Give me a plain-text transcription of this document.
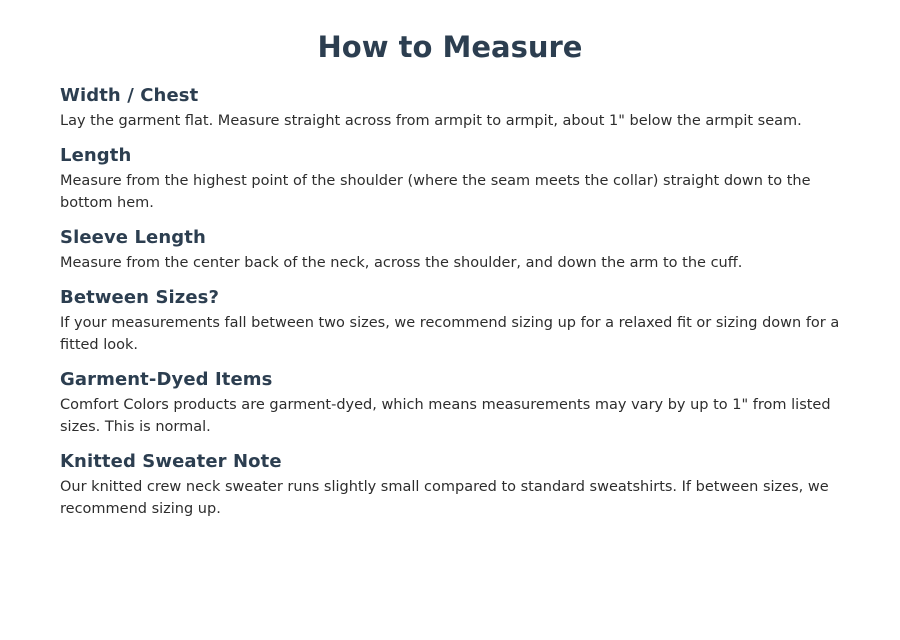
How to Measure
Width / Chest

Lay the garment flat. Measure straight across from armpit to armpit, about 1" below the armpit seam.

Length

Measure from the highest point of the shoulder (where the seam meets the collar) straight down to the bottom hem.

Sleeve Length

Measure from the center back of the neck, across the shoulder, and down the arm to the cuff.

Between Sizes?

If your measurements fall between two sizes, we recommend sizing up for a relaxed fit or sizing down for a fitted look.

Garment-Dyed Items

Comfort Colors products are garment-dyed, which means measurements may vary by up to 1" from listed sizes. This is normal.

Knitted Sweater Note

Our knitted crew neck sweater runs slightly small compared to standard sweatshirts. If between sizes, we recommend sizing up.
